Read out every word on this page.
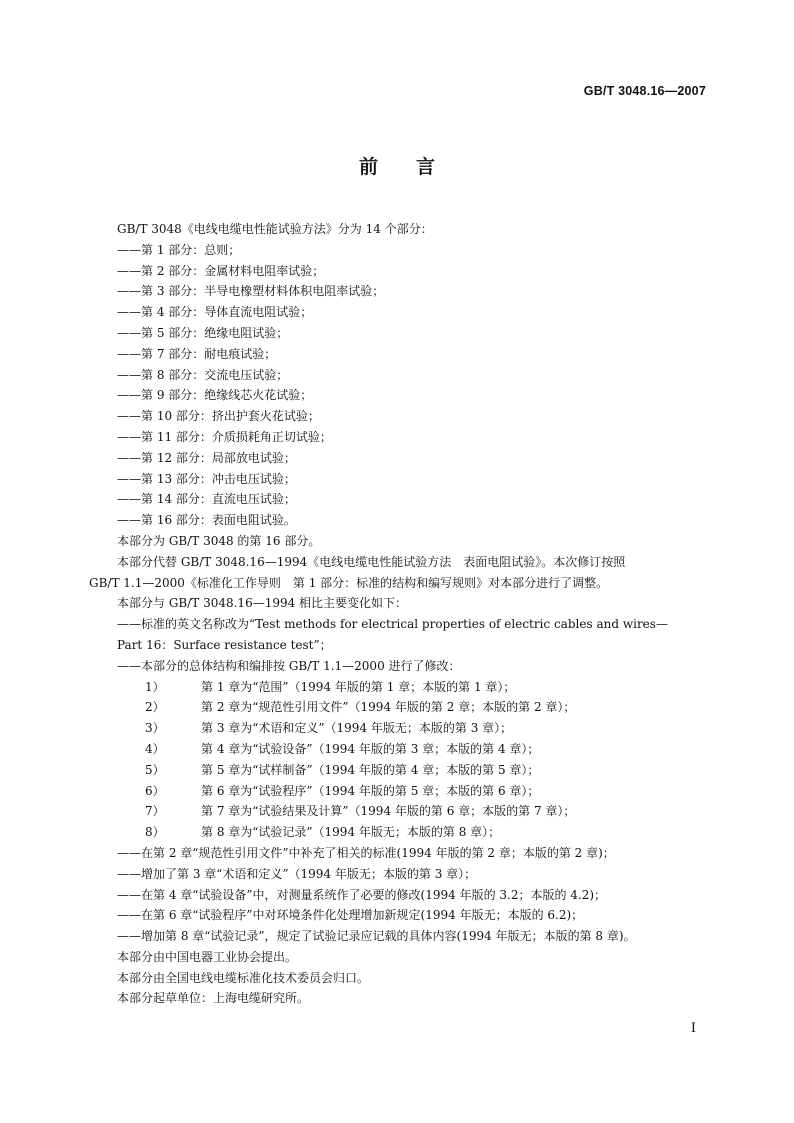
GB/T 3048.16—2007
前言
GB/T 3048《电线电缆电性能试验方法》分为 14 个部分：
——第 1 部分：总则；
——第 2 部分：金属材料电阻率试验；
——第 3 部分：半导电橡塑材料体积电阻率试验；
——第 4 部分：导体直流电阻试验；
——第 5 部分：绝缘电阻试验；
——第 7 部分：耐电痕试验；
——第 8 部分：交流电压试验；
——第 9 部分：绝缘线芯火花试验；
——第 10 部分：挤出护套火花试验；
——第 11 部分：介质损耗角正切试验；
——第 12 部分：局部放电试验；
——第 13 部分：冲击电压试验；
——第 14 部分：直流电压试验；
——第 16 部分：表面电阻试验。
本部分为 GB/T 3048 的第 16 部分。
本部分代替 GB/T 3048.16—1994《电线电缆电性能试验方法　表面电阻试验》。本次修订按照
GB/T 1.1—2000《标准化工作导则　第 1 部分：标准的结构和编写规则》对本部分进行了调整。
本部分与 GB/T 3048.16—1994 相比主要变化如下：
——标准的英文名称改为“Test methods for electrical properties of electric cables and wires—
Part 16：Surface resistance test”；
——本部分的总体结构和编排按 GB/T 1.1—2000 进行了修改：
1）	第 1 章为“范围”（1994 年版的第 1 章；本版的第 1 章）；
2）	第 2 章为“规范性引用文件”（1994 年版的第 2 章；本版的第 2 章）；
3）	第 3 章为“术语和定义”（1994 年版无；本版的第 3 章）；
4）	第 4 章为“试验设备”（1994 年版的第 3 章；本版的第 4 章）；
5）	第 5 章为“试样制备”（1994 年版的第 4 章；本版的第 5 章）；
6）	第 6 章为“试验程序”（1994 年版的第 5 章；本版的第 6 章）；
7）	第 7 章为“试验结果及计算”（1994 年版的第 6 章；本版的第 7 章）；
8）	第 8 章为“试验记录”（1994 年版无；本版的第 8 章）；
——在第 2 章“规范性引用文件”中补充了相关的标准(1994 年版的第 2 章；本版的第 2 章)；
——增加了第 3 章“术语和定义”（1994 年版无；本版的第 3 章）；
——在第 4 章“试验设备”中，对测量系统作了必要的修改(1994 年版的 3.2；本版的 4.2)；
——在第 6 章“试验程序”中对环境条件化处理增加新规定(1994 年版无；本版的 6.2)；
——增加第 8 章“试验记录”，规定了试验记录应记载的具体内容(1994 年版无；本版的第 8 章)。
本部分由中国电器工业协会提出。
本部分由全国电线电缆标准化技术委员会归口。
本部分起草单位：上海电缆研究所。
I
